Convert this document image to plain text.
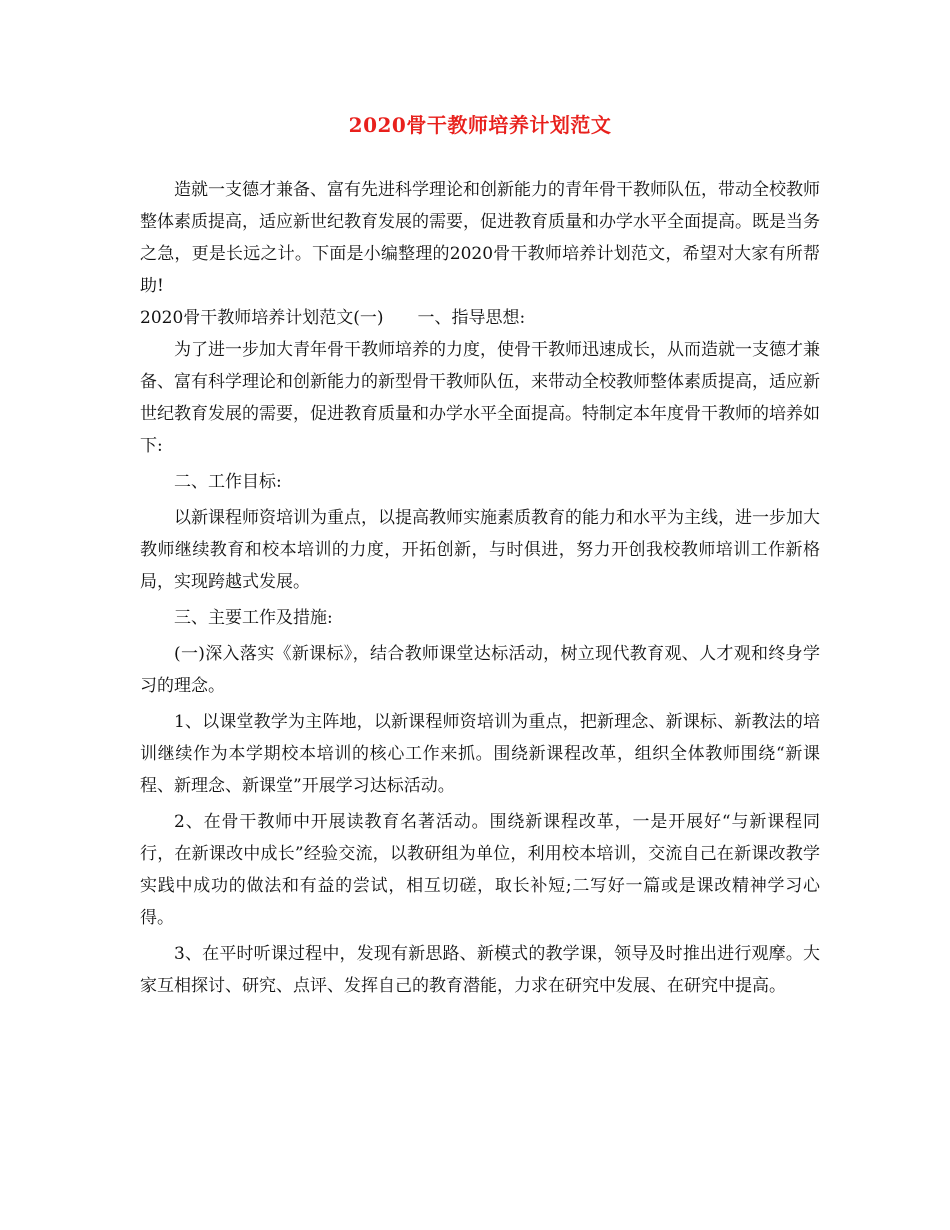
2020骨干教师培养计划范文

造就一支德才兼备、富有先进科学理论和创新能力的青年骨干教师队伍，带动全校教师整体素质提高，适应新世纪教育发展的需要，促进教育质量和办学水平全面提高。既是当务之急，更是长远之计。下面是小编整理的2020骨干教师培养计划范文，希望对大家有所帮助!

2020骨干教师培养计划范文(一)　　一、指导思想:

为了进一步加大青年骨干教师培养的力度，使骨干教师迅速成长，从而造就一支德才兼备、富有科学理论和创新能力的新型骨干教师队伍，来带动全校教师整体素质提高，适应新世纪教育发展的需要，促进教育质量和办学水平全面提高。特制定本年度骨干教师的培养如下:

二、工作目标:

以新课程师资培训为重点，以提高教师实施素质教育的能力和水平为主线，进一步加大教师继续教育和校本培训的力度，开拓创新，与时俱进，努力开创我校教师培训工作新格局，实现跨越式发展。

三、主要工作及措施:

(一)深入落实《新课标》，结合教师课堂达标活动，树立现代教育观、人才观和终身学习的理念。

1、以课堂教学为主阵地，以新课程师资培训为重点，把新理念、新课标、新教法的培训继续作为本学期校本培训的核心工作来抓。围绕新课程改革，组织全体教师围绕“新课程、新理念、新课堂”开展学习达标活动。

2、在骨干教师中开展读教育名著活动。围绕新课程改革，一是开展好“与新课程同行，在新课改中成长”经验交流，以教研组为单位，利用校本培训，交流自己在新课改教学实践中成功的做法和有益的尝试，相互切磋，取长补短;二写好一篇或是课改精神学习心得。

3、在平时听课过程中，发现有新思路、新模式的教学课，领导及时推出进行观摩。大家互相探讨、研究、点评、发挥自己的教育潜能，力求在研究中发展、在研究中提高。
